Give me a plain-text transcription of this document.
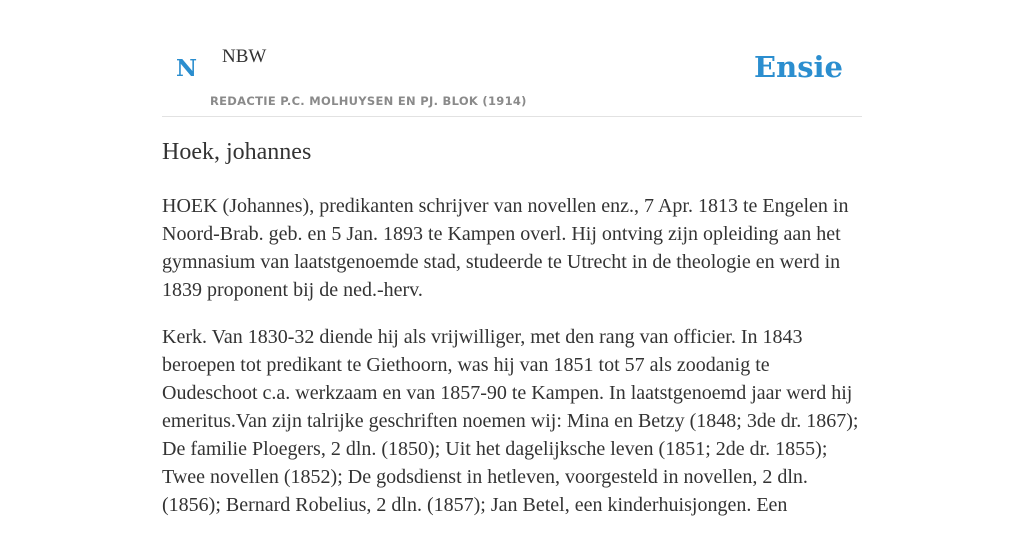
N NBW
REDACTIE P.C. MOLHUYSEN EN PJ. BLOK (1914)
Ensie
Hoek, johannes

HOEK (Johannes), predikanten schrijver van novellen enz., 7 Apr. 1813 te Engelen in Noord-Brab. geb. en 5 Jan. 1893 te Kampen overl. Hij ontving zijn opleiding aan het gymnasium van laatstgenoemde stad, studeerde te Utrecht in de theologie en werd in 1839 proponent bij de ned.-herv.

Kerk. Van 1830-32 diende hij als vrijwilliger, met den rang van officier. In 1843 beroepen tot predikant te Giethoorn, was hij van 1851 tot 57 als zoodanig te Oudeschoot c.a. werkzaam en van 1857-90 te Kampen. In laatstgenoemd jaar werd hij emeritus.Van zijn talrijke geschriften noemen wij: Mina en Betzy (1848; 3de dr. 1867); De familie Ploegers, 2 dln. (1850); Uit het dagelijksche leven (1851; 2de dr. 1855); Twee novellen (1852); De godsdienst in hetleven, voorgesteld in novellen, 2 dln. (1856); Bernard Robelius, 2 dln. (1857); Jan Betel, een kinderhuisjongen. Een
